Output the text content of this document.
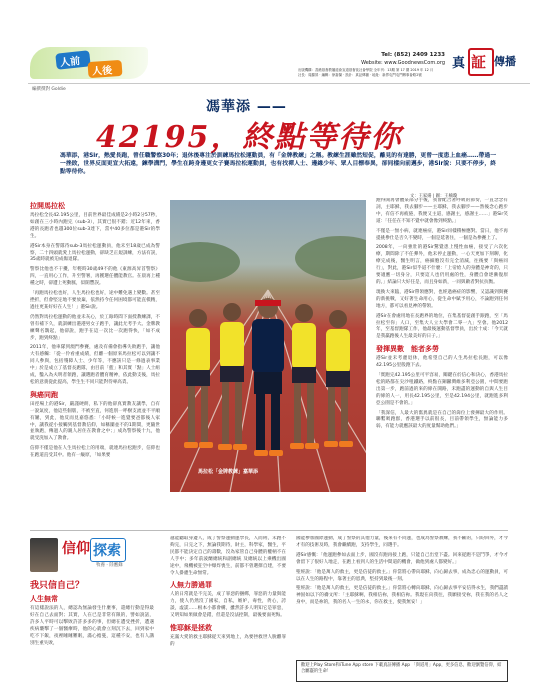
人前
人後
Tel: (852) 2409 1233
Website: www.GoodnewsCom.org
出版機構：香港基督教播道會宣道基督徒社會學院 全年刊：13期 第 17 期 2019 年 12 月
社長：周錦屏 · 編輯：徐嘉傑 · 設計：真証傳播 · 地址：新界屯門屯門鄉事會路2號
真 証 傳播
編撰撰對 Goldie
馮華添 ——
42195，終點等待你
馮華添，港Sir，熱愛長跑，曾任職警察30年；退休後專注於訓練馬拉松運動員，有「金牌教練」之稱。教練生涯雖然短促，離見的有達勝，更曾一度患上血癌……帶過一一挫敗，世界反面更宣大拓遠，鍊學溝門，學生在跨身邊更女子賽馬拉松運動員，也有找禪人士、邊緣少年、眾人目標奉異，卻同樣向前邁步，港Sir說：只要不停步，終點等待你。
文：王家揚 | 圖：王楠瓊
拉開馬拉松

馬拉松全長42.195公里，目前世界最佳成績是2小時2分57秒，如創在三小時內跑完（sub-3），其實已很不錯；近12年來，香港的長跑者也越300位sub-3達下，當中40多位都是港Sir的學生。

港Sir本身在警隊待sub-3馬拉松運動員，他未至18歲已成為警察，二十四頭就愛上馬拉松運動，卻缺乏正規訓練，方法有誤，35歲時就被迫成傷退隊。

警察比他也不干擾，年輕時30歲49不的他《東源高昇首警察》四，一直用心工作，升至警署，再獲選任體能教官。在晨再上種種之時，卻遭上死動脈，似開豐誤。

「再跑馬拉松也好，人生馬拉松也好，途中難免遇上變數。甚至挫折，但會堅定地不要放棄，依然持今任何困境都可能直模精，過往更某好好在人生！」港Sir說。

仍然對馬拉松運動的他並未灰心，於工餘時間下面授教練課，不曾有補下久，就訓練出港港男女子跑手，讓此尤考手大。金牌教練聲名鵲起，他卻說，跑手在這一次比一次跑得快，「如不成步，跑到終點」

2011年，他車隊到澳門參賽，處及有備會指導失敗跑手，讓他大有感觸：「從一伶看重成績，但離一個原來馬拉松可以到讓不同人參與，包括殘障人士、少年等，不應該只是一條過表事業中」於是成立了基督長跑隊，由目前「藍」和其實「點」人士組成，鑿入為夫明者領跑，讓選跑者體育精神，依此動支後，馬拉松的意義從此提高，學生生不同只能對待專高責。

與癌同跑

田徑場上的港Sir，嚴謹硬朗，私下的他卻真實教友讓學，自有一說氣度，他這些個版，不被至直，何進別一呼樹支流並不平順有屢，到此，他反而見嘉悠悉：「小時候一進覺要爸都後人家中，讓我從小接觸到基督教信仰，如稱團並不的1期間，更隨世並執跑，傳過人的親人居住在教會之中；」成為警察後十九，他就受洗加入了教會。

信仰不僅是他在人生馬拉松上的用端，就連馬拉松跑步，信仰也在跑道直受其中。他有一級原，「如果要

馬拉松「金牌教練」嘉華添

跑得開再會體某部分手後，我會配合著呼吸的節奏，一直念念有詞，主耶穌，我去腳步——主耶穌，我去腳步——然後念心跑步中，有信不再疲倦，我便又主道，感謝主，感謝主……」港Sir笑道：「任任在不知不覺中就會像到終點。」

不僅是一無小病，就連癌症，港Sir同樣積極應對。當日，他不再提挑參仕是否久不變時，一個是延著住，一個是為參賽上了。

2008年，一向強壯的港Sir驚覺患上慢性血癌，接受了六次化療，期間除了不任彈外，他未停止運動，一心天更加下刻聊，化療完成後，醫生明言，癌細胞沒有完全消滅，往後要「與癌同行」，對此，港Sir似乎道不什麼：「上帝給人的身體是神奇的，只要適應一切身分，只要這人也仍用處的性，身體自會逐漸復原的。」結論只大好任是，而且身如新，一同與敵者對抗抗衡。

現換大來臨，港Sir帶領應對，也經過癌症的影響，又認識到與賽的新挑戰，又好著生命用心，從生命中賦予用心，不論跑到任何地方，都可以看見神的帶領。

港Sir在會處用地在長跑界的地位，在集基督徒創手跟跑，至「馬拉松至你」人口，至集大人立大學會二零一九」至會。他2012年，至基督跑隊工作，他最後運動基督學員，出於十成：「今天就是我贏跑後人生最美好的日子。」

發揮異數　能者多勞

港Sir並未考慮退休，他希望自己的人生馬拉松長跑，可以像42.195公里般跑下去。

「實跑完42.195公里可平容易，關鍵在於信心和決心，香港馬拉松的路都在尖沙咀鐵路，終點在銅鑼灣維多利亞公園，中間要跑出第一步，跑前過的來的條在開路，未跑盡的運動的自與人生目的條的人一，用長42.195公里，至是42.194公里，就跑進多利亞公園是不會的。」

「我深信，人最大的奮異就是在自己的崗位上發揮最大的作用。聯繫吸跑群，香港選手以前很長，目前帶領學生，無論能力多弱，有能力就應該最大的度量幫助他們。」

信仰 探索
牧養 · 陸應錄
我只信自己？
人生無常

有這樣說法的人，總認為無論發生什麼事，還總行動是得最好在自己去面對；其實，人在已是非常有限的，譬如說話，許多人平時可以擊敗許許多多的事，但總在遭受挫折，遭遇疾病襲擊了一個醫療時，他的心就會立刻沉下去，回到家中吃不下飯，夜裡睡睡難眠，滿心擔憂，這種不安，也有人講別生重失敗，

越能聽取身邊人，成了警察運動運學長，人而則，未跑不夠完，日完之下，無論我期待，財主，科學家，醫生，平民都不能決定自己的壽數，沒為家管自己身體的權柄不在人手中；多年前波蘭總統和副總統 及總統以上乘機出國途中，飛機被狂空中爆炸喪生，前都不曾選擇自建，不要令人掛慮生命無常。

人無力勝過罪

人的日常就是不完美，成了罪惡的捆綁，罪惡的力量與能力，使人仍然沒了國家，自私，嫉妒，毒性，貪心，誇談，虛謊……根本小都會構，雖然許多人明知它是罪惡，又明知如果做會是錯，但還是沒法控制，最後要面死悔。

惟耶穌是拯救

充滿大愛的救主耶穌從天來到地上，為要拯救世人脫離罪的

國能參加國際運動，成了警察的其他力量，後來有不同運，也成為警察教練，我不斷的，只盼回外，才今才有的技術及時，我會繼續跑，支持學生，同選手。

港Sir感慨：「他運跑參如去面上步，國沒有跑再接上跑，只能自己出堂下盡。回來從跑不是鬥爭，才今才會留下了很好人地走，在跑上看到人的生活中間道的機會，做他到處人都變好。」

聖經說：「他是萬人的救主，更是信徒的救主。」你當將心帶向耶穌，向心歸去事，成為忠心的運動員，可以在人生的路程中，靠著主的恩典，堅持到最後一刻。

聖經說：「他是萬人的救主，更是信徒的救主。」你當將心轉向耶穌，向心歸去事平安信得永生，我們盡讀神固如以下的禱文所：「主耶穌啊，我相信祢，我相信祢。我現在向我往，我願接受祢，我在我的名人之身中，而是祢的，我的名人一生的永，你在救主，使我無安！」

歡迎上Play Store和iTune App store 下載真証傳播 App 「與道用」App，更多信息，歡迎瀏覽信仰，結合屬靈的生命！
